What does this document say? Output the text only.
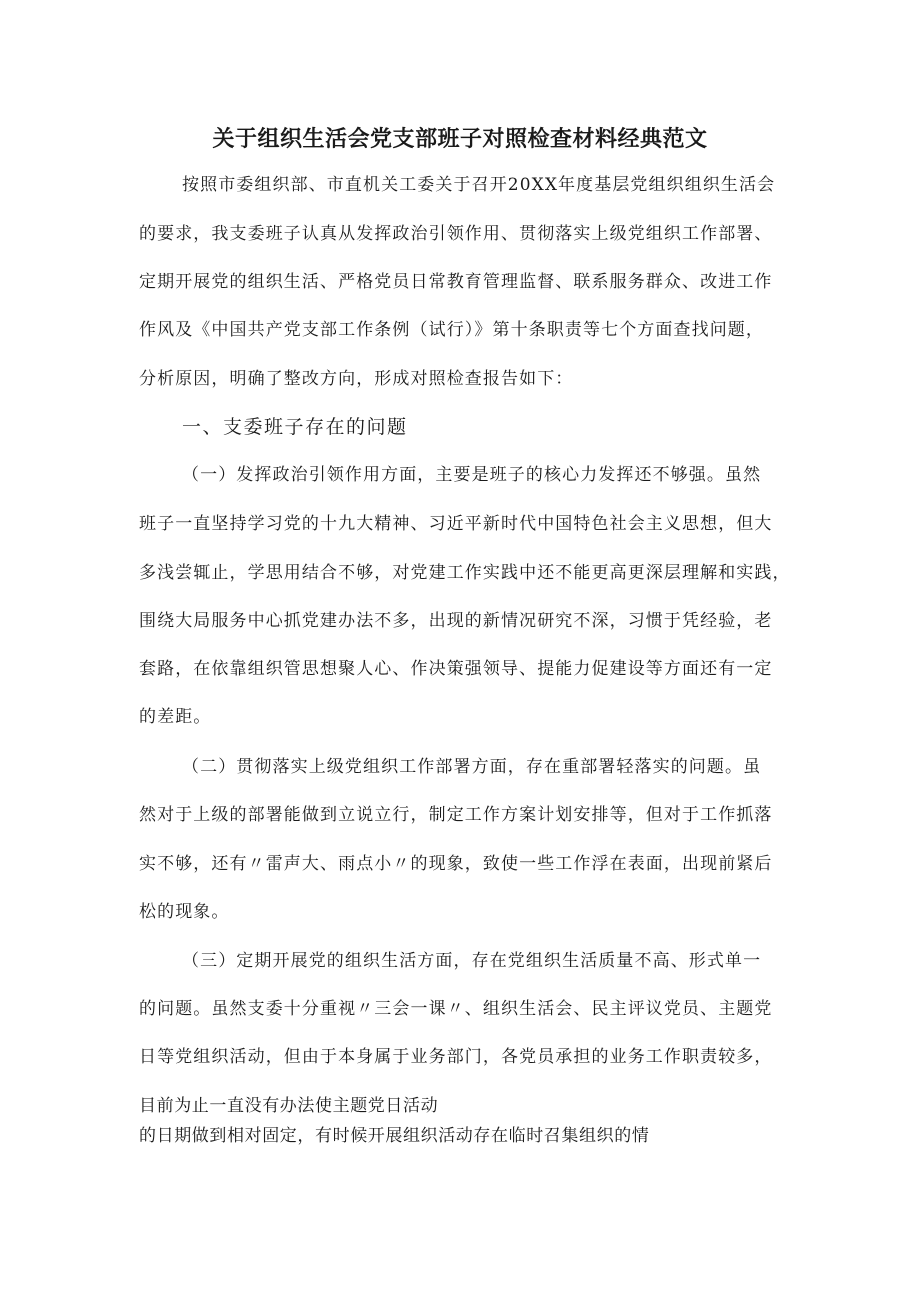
关于组织生活会党支部班子对照检查材料经典范文
按照市委组织部、市直机关工委关于召开20XX年度基层党组织组织生活会
的要求，我支委班子认真从发挥政治引领作用、贯彻落实上级党组织工作部署、
定期开展党的组织生活、严格党员日常教育管理监督、联系服务群众、改进工作
作风及《中国共产党支部工作条例（试行）》第十条职责等七个方面查找问题，
分析原因，明确了整改方向，形成对照检查报告如下：
一、支委班子存在的问题
（一）发挥政治引领作用方面，主要是班子的核心力发挥还不够强。虽然
班子一直坚持学习党的十九大精神、习近平新时代中国特色社会主义思想，但大
多浅尝辄止，学思用结合不够，对党建工作实践中还不能更高更深层理解和实践，
围绕大局服务中心抓党建办法不多，出现的新情况研究不深，习惯于凭经验，老
套路，在依靠组织管思想聚人心、作决策强领导、提能力促建设等方面还有一定
的差距。
（二）贯彻落实上级党组织工作部署方面，存在重部署轻落实的问题。虽
然对于上级的部署能做到立说立行，制定工作方案计划安排等，但对于工作抓落
实不够，还有〃雷声大、雨点小〃的现象，致使一些工作浮在表面，出现前紧后
松的现象。
（三）定期开展党的组织生活方面，存在党组织生活质量不高、形式单一
的问题。虽然支委十分重视〃三会一课〃、组织生活会、民主评议党员、主题党
日等党组织活动，但由于本身属于业务部门，各党员承担的业务工作职责较多，
目前为止一直没有办法使主题党日活动
的日期做到相对固定，有时候开展组织活动存在临时召集组织的情
